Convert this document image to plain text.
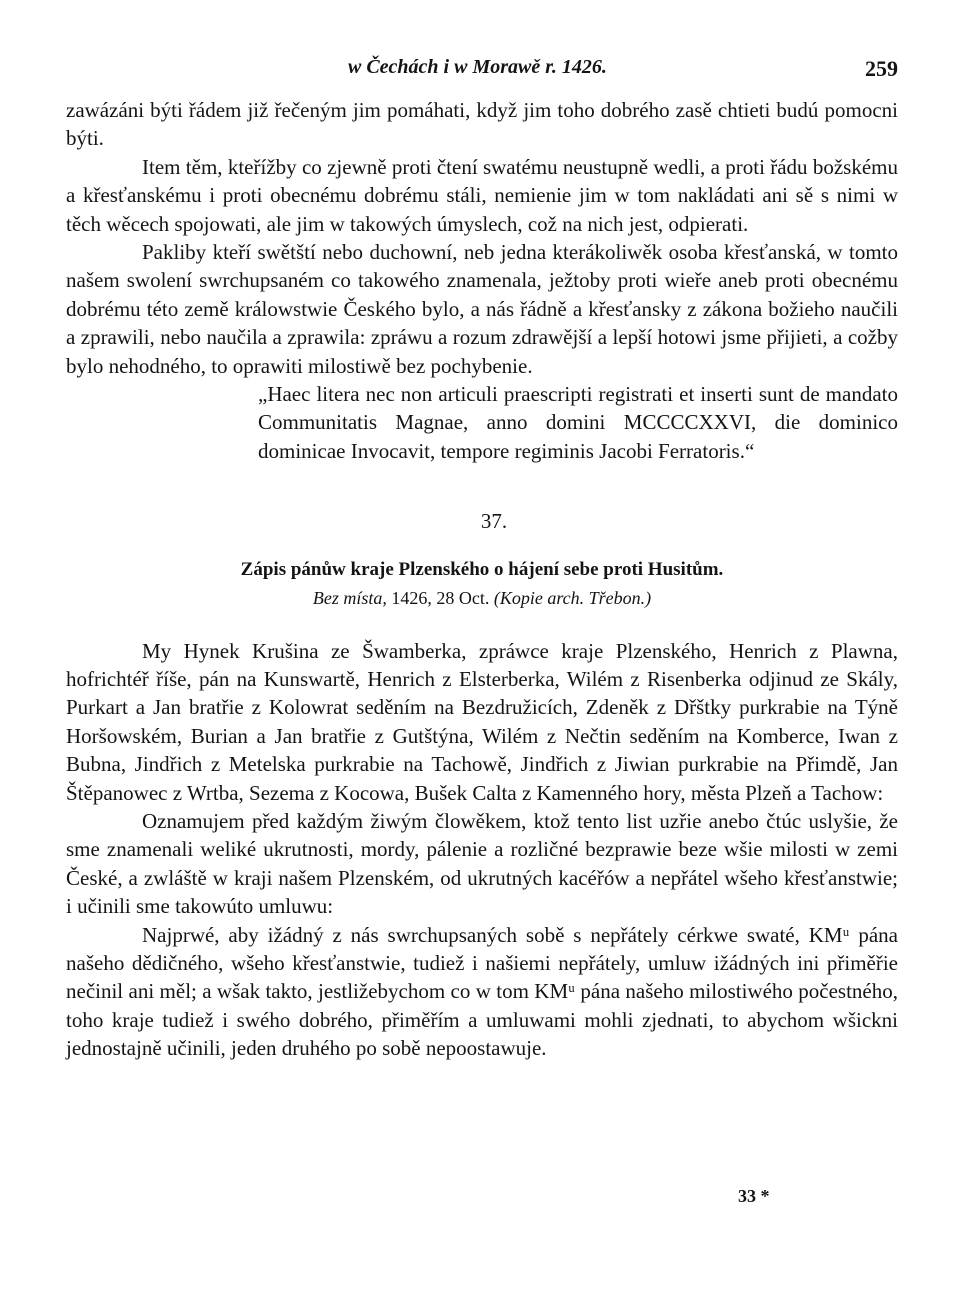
w Čechách i w Morawě r. 1426.	259

zawázáni býti řádem již řečeným jim pomáhati, když jim toho dobrého zasě chtieti budú pomocni býti.

Item těm, kteřížby co zjewně proti čtení swatému neustupně wedli, a proti řádu božskému a křesťanskému i proti obecnému dobrému stáli, nemienie jim w tom nakládati ani sě s nimi w těch wěcech spojowati, ale jim w takowých úmyslech, což na nich jest, odpierati.

Pakliby kteří swětští nebo duchowní, neb jedna kterákoliwěk osoba křesťanská, w tomto našem swolení swrchupsaném co takowého znamenala, ježtoby proti wieře aneb proti obecnému dobrému této země králowstwie Českého bylo, a nás řádně a křesťansky z zákona božieho naučili a zprawili, nebo naučila a zprawila: zpráwu a rozum zdrawější a lepší hotowi jsme přijieti, a cožby bylo nehodného, to oprawiti milostiwě bez pochybenie.

„Haec litera nec non articuli praescripti registrati et inserti sunt de mandato Communitatis Magnae, anno domini MCCCCXXVI, die dominico dominicae Invocavit, tempore regiminis Jacobi Ferratoris.“

37.

Zápis pánůw kraje Plzenského o hájení sebe proti Husitům.

Bez místa, 1426, 28 Oct. (Kopie arch. Třebon.)

My Hynek Krušina ze Šwamberka, zpráwce kraje Plzenského, Henrich z Plawna, hofrichtéř říše, pán na Kunswartě, Henrich z Elsterberka, Wilém z Risenberka odjinud ze Skály, Purkart a Jan bratřie z Kolowrat seděním na Bezdružicích, Zdeněk z Dřštky purkrabie na Týně Horšowském, Burian a Jan bratřie z Gutštýna, Wilém z Nečtin seděním na Komberce, Iwan z Bubna, Jindřich z Metelska purkrabie na Tachowě, Jindřich z Jiwian purkrabie na Přimdě, Jan Štěpanowec z Wrtba, Sezema z Kocowa, Bušek Calta z Kamenného hory, města Plzeň a Tachow:

Oznamujem před každým žiwým člowěkem, ktož tento list uzřie anebo čtúc uslyšie, že sme znamenali weliké ukrutnosti, mordy, pálenie a rozličné bezprawie beze wšie milosti w zemi České, a zwláště w kraji našem Plzenském, od ukrutných kacéřów a nepřátel wšeho křesťanstwie; i učinili sme takowúto umluwu:

Najprwé, aby ižádný z nás swrchupsaných sobě s nepřátely cérkwe swaté, KMᵘ pána našeho dědičného, wšeho křesťanstwie, tudiež i našiemi nepřátely, umluw ižádných ini přiměřie nečinil ani měl; a wšak takto, jestližebychom co w tom KMᵘ pána našeho milostiwého počestného, toho kraje tudiež i swého dobrého, přiměřím a umluwami mohli zjednati, to abychom wšickni jednostajně učinili, jeden druhého po sobě nepoostawuje.

33 *
